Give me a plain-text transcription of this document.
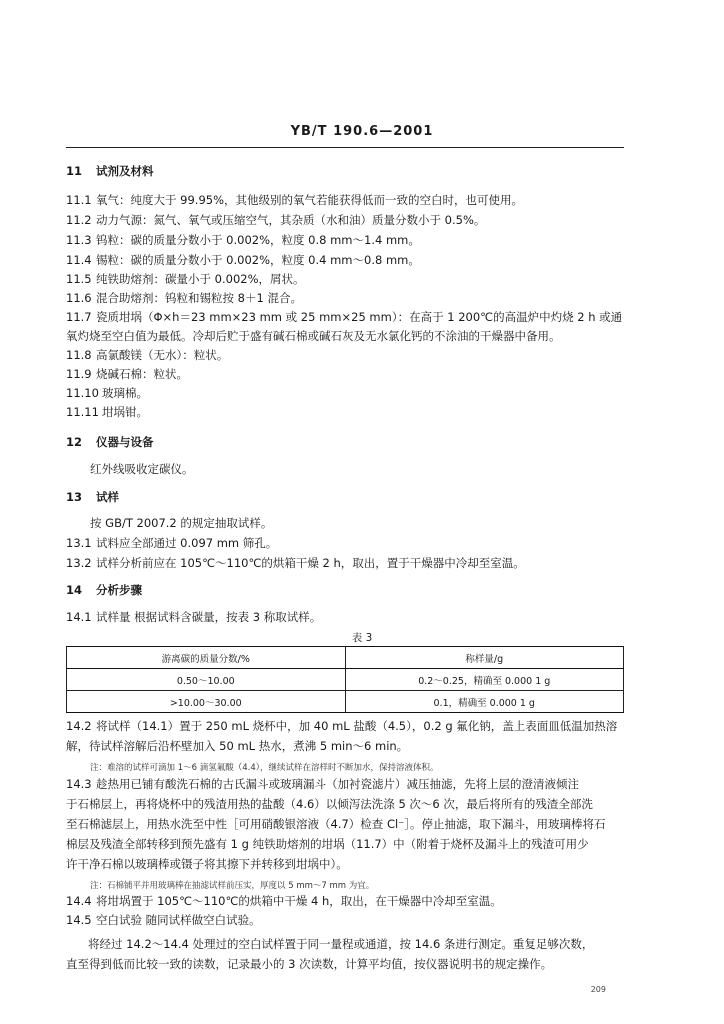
YB/T 190.6—2001
11 试剂及材料
11.1 氧气：纯度大于 99.95%，其他级别的氧气若能获得低而一致的空白时，也可使用。
11.2 动力气源：氮气、氧气或压缩空气，其杂质（水和油）质量分数小于 0.5%。
11.3 钨粒：碳的质量分数小于 0.002%，粒度 0.8 mm～1.4 mm。
11.4 锡粒：碳的质量分数小于 0.002%，粒度 0.4 mm～0.8 mm。
11.5 纯铁助熔剂：碳量小于 0.002%，屑状。
11.6 混合助熔剂：钨粒和锡粒按 8＋1 混合。
11.7 瓷质坩埚（Φ×h＝23 mm×23 mm 或 25 mm×25 mm）：在高于 1 200℃的高温炉中灼烧 2 h 或通
氧灼烧至空白值为最低。冷却后贮于盛有碱石棉或碱石灰及无水氯化钙的不涂油的干燥器中备用。
11.8 高氯酸镁（无水）：粒状。
11.9 烧碱石棉：粒状。
11.10 玻璃棉。
11.11 坩埚钳。
12 仪器与设备
红外线吸收定碳仪。
13 试样
按 GB/T 2007.2 的规定抽取试样。
13.1 试料应全部通过 0.097 mm 筛孔。
13.2 试样分析前应在 105℃～110℃的烘箱干燥 2 h，取出，置于干燥器中冷却至室温。
14 分析步骤
14.1 试样量 根据试料含碳量，按表 3 称取试样。
表 3
游离碳的质量分数/%	称样量/g
0.50～10.00	0.2～0.25，精确至 0.000 1 g
>10.00～30.00	0.1，精确至 0.000 1 g
14.2 将试样（14.1）置于 250 mL 烧杯中，加 40 mL 盐酸（4.5），0.2 g 氟化钠，盖上表面皿低温加热溶
解，待试样溶解后沿杯壁加入 50 mL 热水，煮沸 5 min～6 min。
注：难溶的试样可滴加 1～6 滴氢氟酸（4.4），继续试样在溶样时不断加水，保持溶液体积。
14.3 趁热用已铺有酸洗石棉的古氏漏斗或玻璃漏斗（加衬瓷滤片）减压抽滤，先将上层的澄清液倾注
于石棉层上，再将烧杯中的残渣用热的盐酸（4.6）以倾泻法洗涤 5 次～6 次，最后将所有的残渣全部洗
至石棉滤层上，用热水洗至中性［可用硝酸银溶液（4.7）检查 Cl⁻］。停止抽滤，取下漏斗，用玻璃棒将石
棉层及残渣全部转移到预先盛有 1 g 纯铁助熔剂的坩埚（11.7）中（附着于烧杯及漏斗上的残渣可用少
许干净石棉以玻璃棒或镊子将其擦下并转移到坩埚中）。
注：石棉铺平并用玻璃棒在抽滤试样前压实，厚度以 5 mm～7 mm 为宜。
14.4 将坩埚置于 105℃～110℃的烘箱中干燥 4 h，取出，在干燥器中冷却至室温。
14.5 空白试验 随同试样做空白试验。
将经过 14.2～14.4 处理过的空白试样置于同一量程或通道，按 14.6 条进行测定。重复足够次数，
直至得到低而比较一致的读数，记录最小的 3 次读数，计算平均值，按仪器说明书的规定操作。
209
